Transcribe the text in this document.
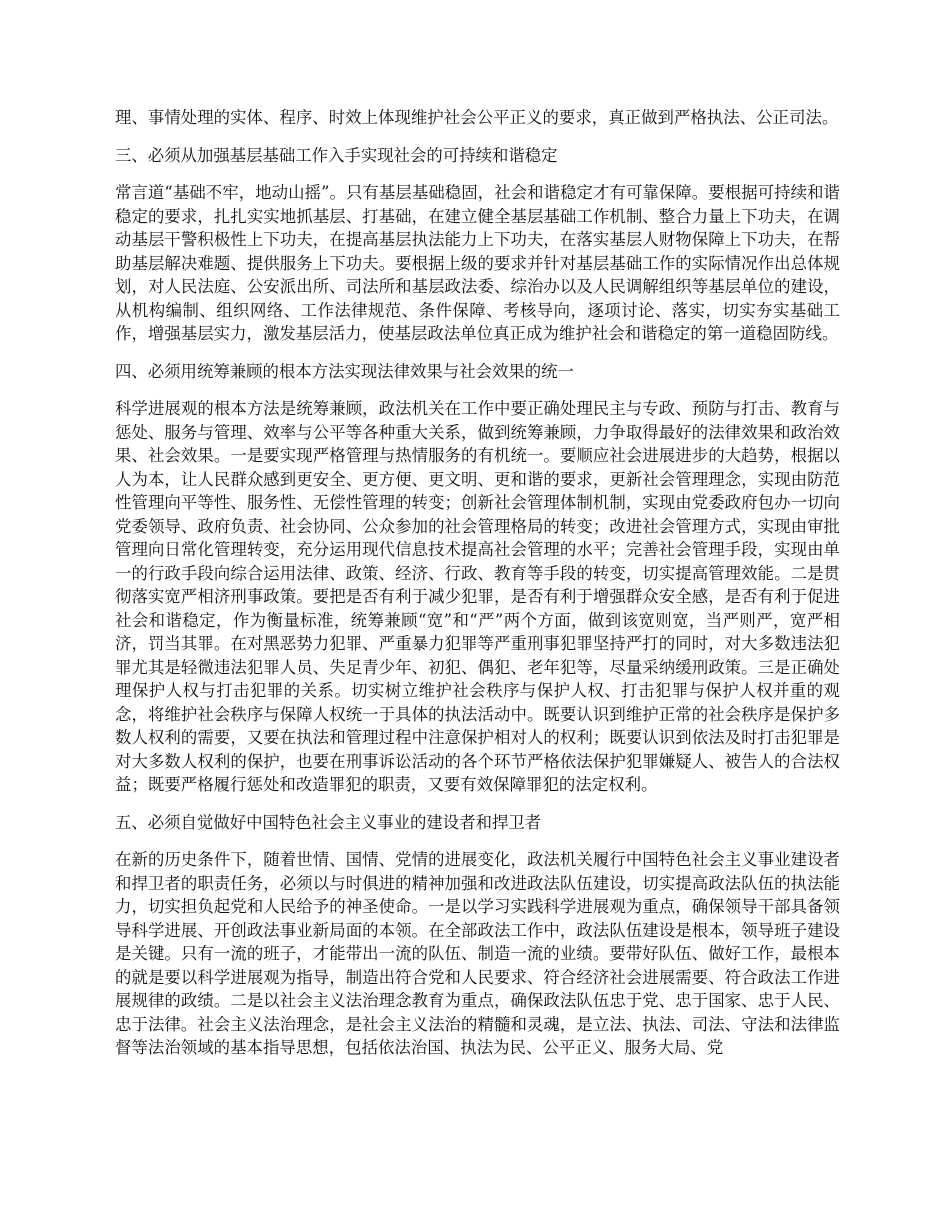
理、事情处理的实体、程序、时效上体现维护社会公平正义的要求，真正做到严格执法、公正司法。

三、必须从加强基层基础工作入手实现社会的可持续和谐稳定

常言道“基础不牢，地动山摇”。只有基层基础稳固，社会和谐稳定才有可靠保障。要根据可持续和谐稳定的要求，扎扎实实地抓基层、打基础，在建立健全基层基础工作机制、整合力量上下功夫，在调动基层干警积极性上下功夫，在提高基层执法能力上下功夫，在落实基层人财物保障上下功夫，在帮助基层解决难题、提供服务上下功夫。要根据上级的要求并针对基层基础工作的实际情况作出总体规划，对人民法庭、公安派出所、司法所和基层政法委、综治办以及人民调解组织等基层单位的建设，从机构编制、组织网络、工作法律规范、条件保障、考核导向，逐项讨论、落实，切实夯实基础工作，增强基层实力，激发基层活力，使基层政法单位真正成为维护社会和谐稳定的第一道稳固防线。

四、必须用统筹兼顾的根本方法实现法律效果与社会效果的统一

科学进展观的根本方法是统筹兼顾，政法机关在工作中要正确处理民主与专政、预防与打击、教育与惩处、服务与管理、效率与公平等各种重大关系，做到统筹兼顾，力争取得最好的法律效果和政治效果、社会效果。一是要实现严格管理与热情服务的有机统一。要顺应社会进展进步的大趋势，根据以人为本，让人民群众感到更安全、更方便、更文明、更和谐的要求，更新社会管理理念，实现由防范性管理向平等性、服务性、无偿性管理的转变；创新社会管理体制机制，实现由党委政府包办一切向党委领导、政府负责、社会协同、公众参加的社会管理格局的转变；改进社会管理方式，实现由审批管理向日常化管理转变，充分运用现代信息技术提高社会管理的水平；完善社会管理手段，实现由单一的行政手段向综合运用法律、政策、经济、行政、教育等手段的转变，切实提高管理效能。二是贯彻落实宽严相济刑事政策。要把是否有利于减少犯罪，是否有利于增强群众安全感，是否有利于促进社会和谐稳定，作为衡量标准，统筹兼顾“宽”和“严”两个方面，做到该宽则宽，当严则严，宽严相济，罚当其罪。在对黑恶势力犯罪、严重暴力犯罪等严重刑事犯罪坚持严打的同时，对大多数违法犯罪尤其是轻微违法犯罪人员、失足青少年、初犯、偶犯、老年犯等，尽量采纳缓刑政策。三是正确处理保护人权与打击犯罪的关系。切实树立维护社会秩序与保护人权、打击犯罪与保护人权并重的观念，将维护社会秩序与保障人权统一于具体的执法活动中。既要认识到维护正常的社会秩序是保护多数人权利的需要，又要在执法和管理过程中注意保护相对人的权利；既要认识到依法及时打击犯罪是对大多数人权利的保护，也要在刑事诉讼活动的各个环节严格依法保护犯罪嫌疑人、被告人的合法权益；既要严格履行惩处和改造罪犯的职责，又要有效保障罪犯的法定权利。

五、必须自觉做好中国特色社会主义事业的建设者和捍卫者

在新的历史条件下，随着世情、国情、党情的进展变化，政法机关履行中国特色社会主义事业建设者和捍卫者的职责任务，必须以与时俱进的精神加强和改进政法队伍建设，切实提高政法队伍的执法能力，切实担负起党和人民给予的神圣使命。一是以学习实践科学进展观为重点，确保领导干部具备领导科学进展、开创政法事业新局面的本领。在全部政法工作中，政法队伍建设是根本，领导班子建设是关键。只有一流的班子，才能带出一流的队伍、制造一流的业绩。要带好队伍、做好工作，最根本的就是要以科学进展观为指导，制造出符合党和人民要求、符合经济社会进展需要、符合政法工作进展规律的政绩。二是以社会主义法治理念教育为重点，确保政法队伍忠于党、忠于国家、忠于人民、忠于法律。社会主义法治理念，是社会主义法治的精髓和灵魂，是立法、执法、司法、守法和法律监督等法治领域的基本指导思想，包括依法治国、执法为民、公平正义、服务大局、党
